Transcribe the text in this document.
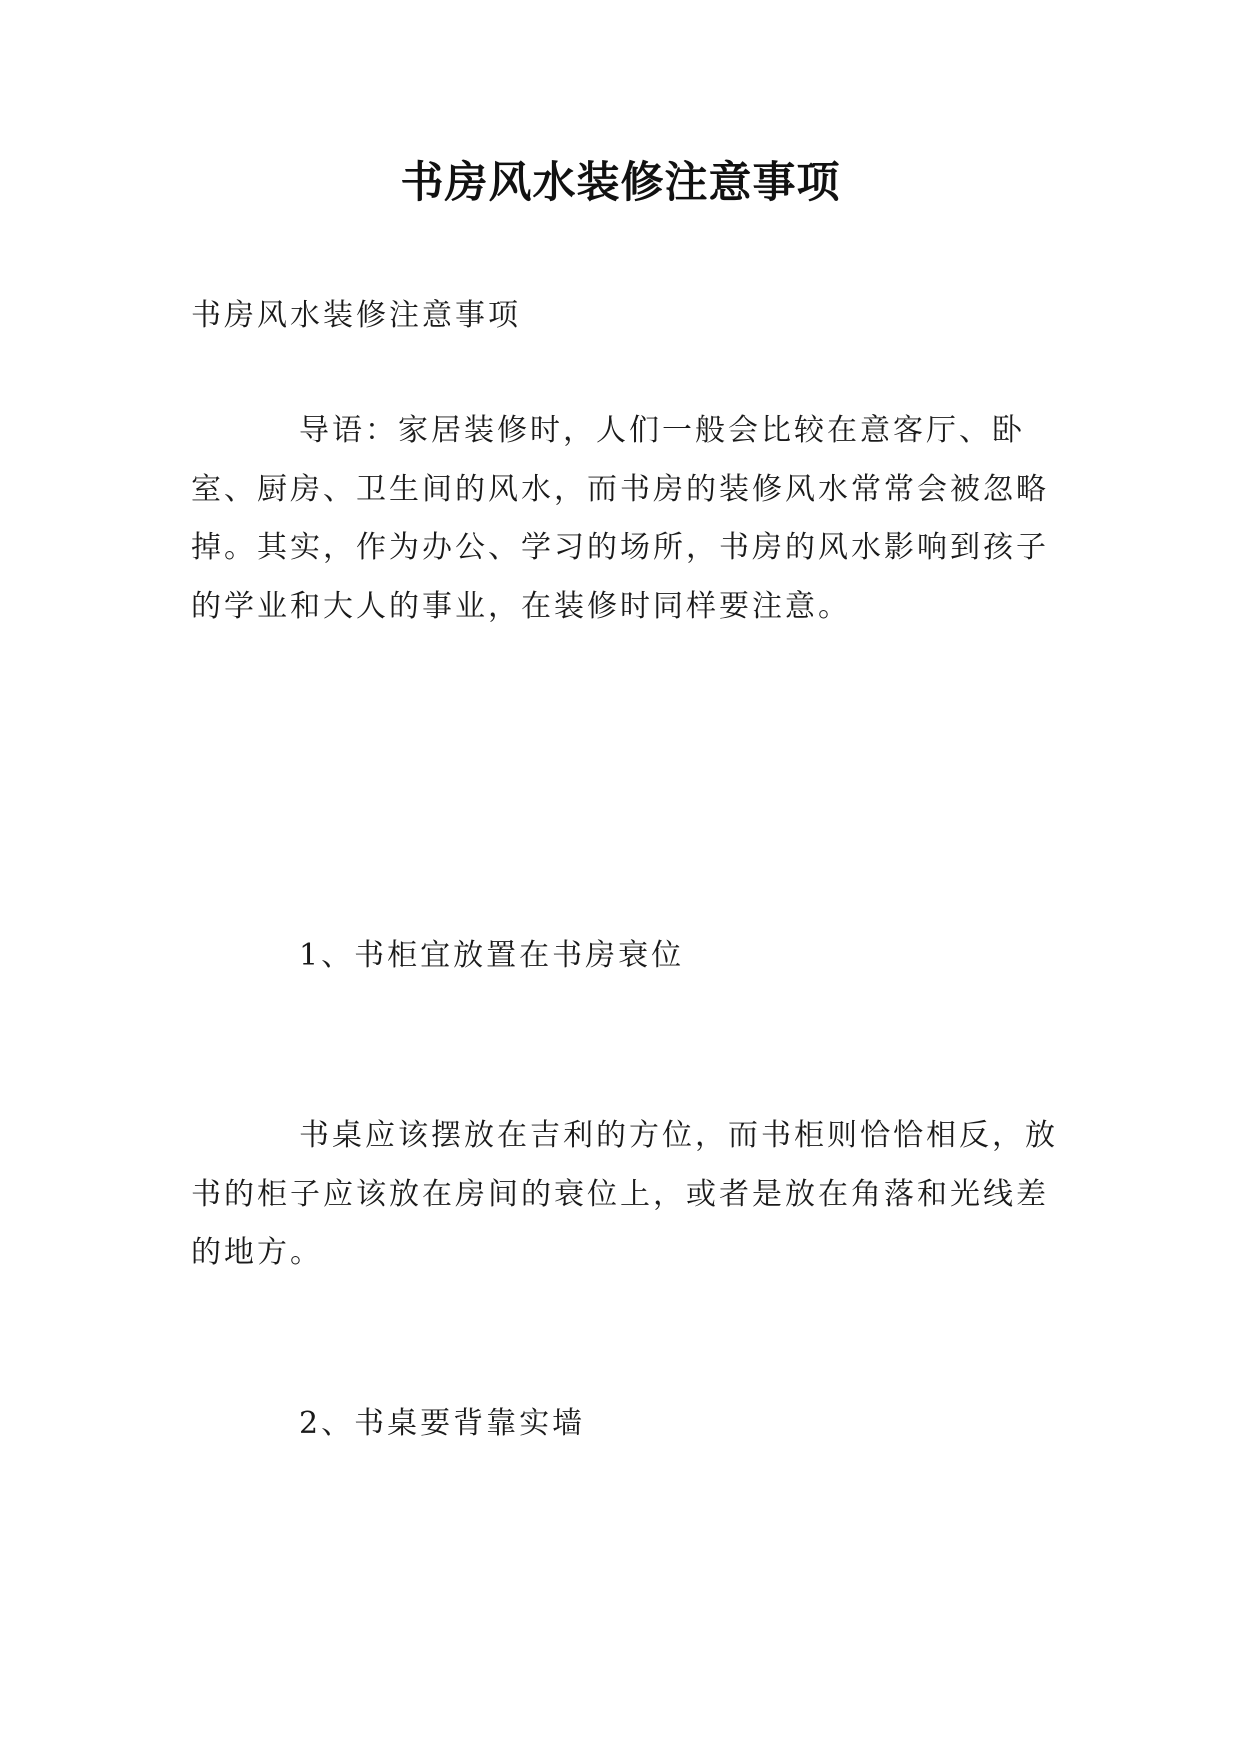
书房风水装修注意事项
书房风水装修注意事项

导语：家居装修时，人们一般会比较在意客厅、卧室、厨房、卫生间的风水，而书房的装修风水常常会被忽略掉。其实，作为办公、学习的场所，书房的风水影响到孩子的学业和大人的事业，在装修时同样要注意。

1、书柜宜放置在书房衰位

书桌应该摆放在吉利的方位，而书柜则恰恰相反，放书的柜子应该放在房间的衰位上，或者是放在角落和光线差的地方。

2、书桌要背靠实墙
